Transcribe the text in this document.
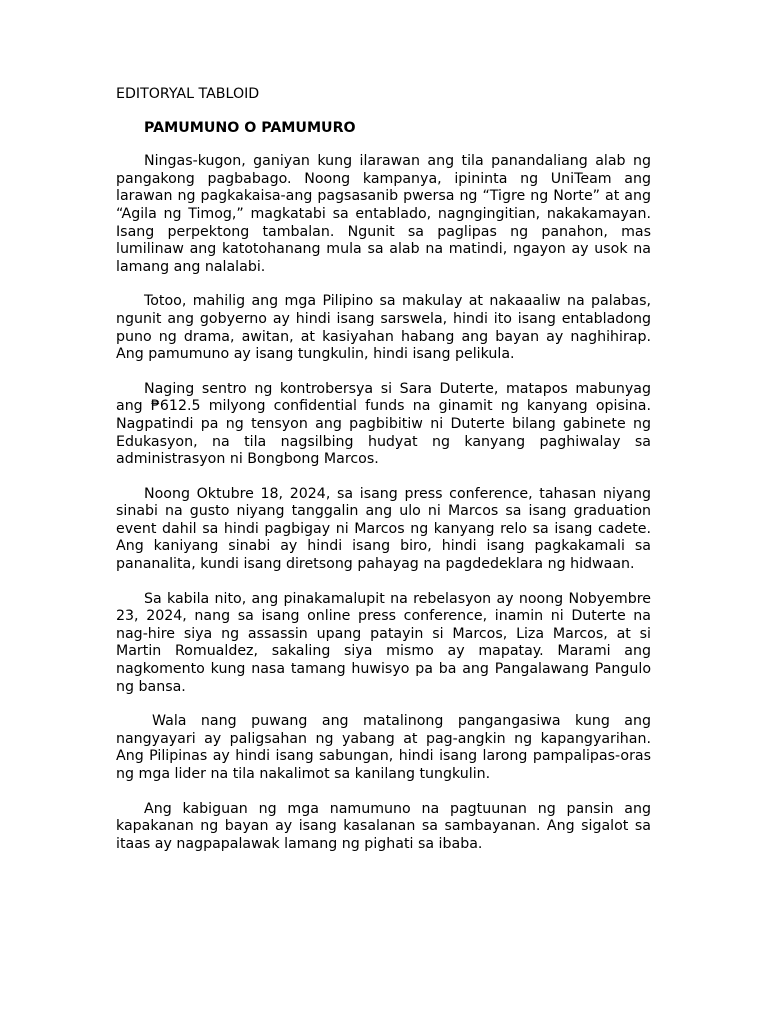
EDITORYAL TABLOID
PAMUMUNO O PAMUMURO

Ningas-kugon, ganiyan kung ilarawan ang tila panandaliang alab ng pangakong pagbabago. Noong kampanya, ipininta ng UniTeam ang larawan ng pagkakaisa-ang pagsasanib pwersa ng “Tigre ng Norte” at ang “Agila ng Timog,” magkatabi sa entablado, nagngingitian, nakakamayan. Isang perpektong tambalan. Ngunit sa paglipas ng panahon, mas lumilinaw ang katotohanang mula sa alab na matindi, ngayon ay usok na lamang ang nalalabi.

Totoo, mahilig ang mga Pilipino sa makulay at nakaaaliw na palabas, ngunit ang gobyerno ay hindi isang sarswela, hindi ito isang entabladong puno ng drama, awitan, at kasiyahan habang ang bayan ay naghihirap. Ang pamumuno ay isang tungkulin, hindi isang pelikula.

Naging sentro ng kontrobersya si Sara Duterte, matapos mabunyag ang ₱612.5 milyong confidential funds na ginamit ng kanyang opisina. Nagpatindi pa ng tensyon ang pagbibitiw ni Duterte bilang gabinete ng Edukasyon, na tila nagsilbing hudyat ng kanyang paghiwalay sa administrasyon ni Bongbong Marcos.

Noong Oktubre 18, 2024, sa isang press conference, tahasan niyang sinabi na gusto niyang tanggalin ang ulo ni Marcos sa isang graduation event dahil sa hindi pagbigay ni Marcos ng kanyang relo sa isang cadete. Ang kaniyang sinabi ay hindi isang biro, hindi isang pagkakamali sa pananalita, kundi isang diretsong pahayag na pagdedeklara ng hidwaan.

Sa kabila nito, ang pinakamalupit na rebelasyon ay noong Nobyembre 23, 2024, nang sa isang online press conference, inamin ni Duterte na nag-hire siya ng assassin upang patayin si Marcos, Liza Marcos, at si Martin Romualdez, sakaling siya mismo ay mapatay. Marami ang nagkomento kung nasa tamang huwisyo pa ba ang Pangalawang Pangulo ng bansa.

Wala nang puwang ang matalinong pangangasiwa kung ang nangyayari ay paligsahan ng yabang at pag-angkin ng kapangyarihan. Ang Pilipinas ay hindi isang sabungan, hindi isang larong pampalipas-oras ng mga lider na tila nakalimot sa kanilang tungkulin.

Ang kabiguan ng mga namumuno na pagtuunan ng pansin ang kapakanan ng bayan ay isang kasalanan sa sambayanan. Ang sigalot sa itaas ay nagpapalawak lamang ng pighati sa ibaba.
